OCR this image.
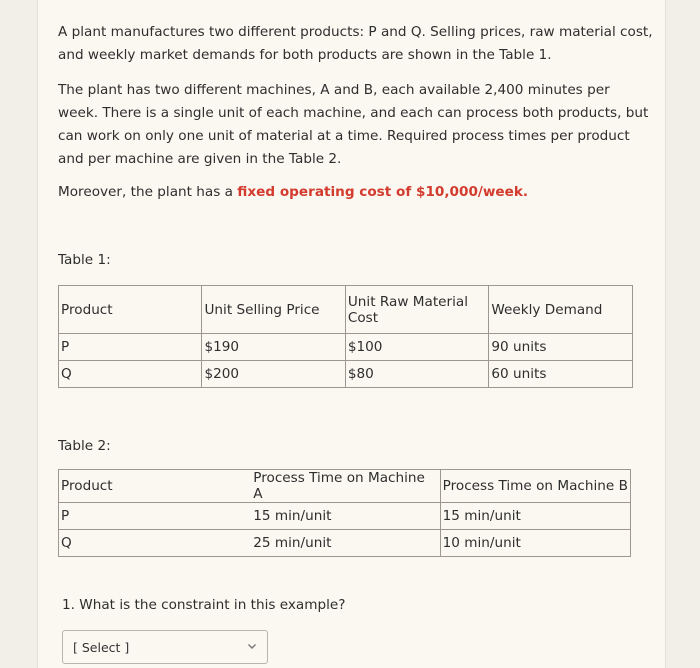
A plant manufactures two different products: P and Q. Selling prices, raw material cost, and weekly market demands for both products are shown in the Table 1.

The plant has two different machines, A and B, each available 2,400 minutes per week. There is a single unit of each machine, and each can process both products, but can work on only one unit of material at a time. Required process times per product and per machine are given in the Table 2.

Moreover, the plant has a fixed operating cost of $10,000/week.

Table 1:
Product	Unit Selling Price	Unit Raw Material Cost	Weekly Demand
P	$190	$100	90 units
Q	$200	$80	60 units
Table 2:
Product	Process Time on Machine A	Process Time on Machine B
P	15 min/unit	15 min/unit
Q	25 min/unit	10 min/unit
1. What is the constraint in this example?
[ Select ]
